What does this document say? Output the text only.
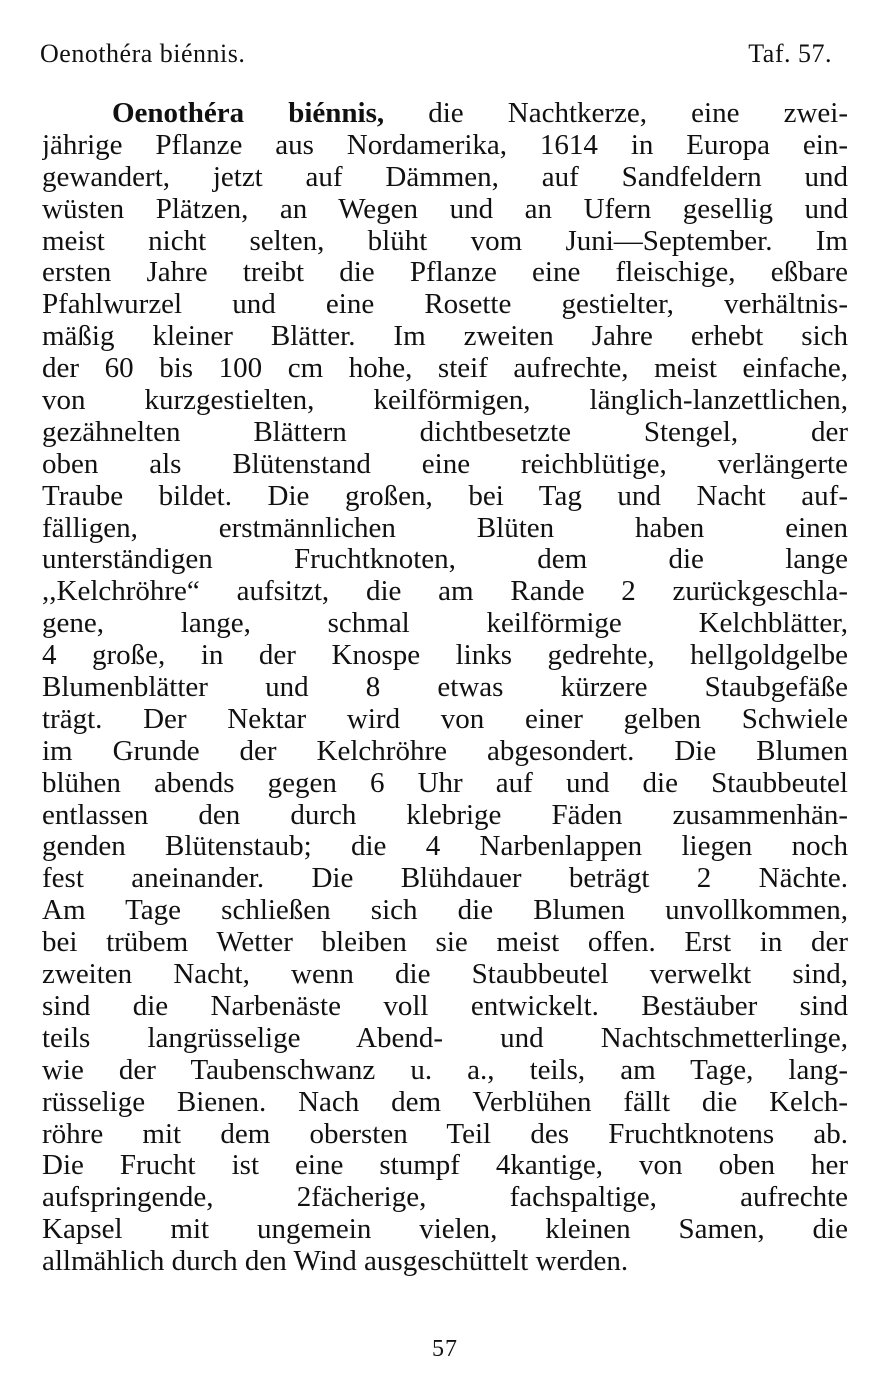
Oenothéra biénnis.	Taf. 57.
Oenothéra biénnis, die Nachtkerze, eine zwei-
jährige Pflanze aus Nordamerika, 1614 in Europa ein-
gewandert, jetzt auf Dämmen, auf Sandfeldern und
wüsten Plätzen, an Wegen und an Ufern gesellig und
meist nicht selten, blüht vom Juni—September. Im
ersten Jahre treibt die Pflanze eine fleischige, eßbare
Pfahlwurzel und eine Rosette gestielter, verhältnis-
mäßig kleiner Blätter. Im zweiten Jahre erhebt sich
der 60 bis 100 cm hohe, steif aufrechte, meist einfache,
von kurzgestielten, keilförmigen, länglich-lanzettlichen,
gezähnelten Blättern dichtbesetzte Stengel, der
oben als Blütenstand eine reichblütige, verlängerte
Traube bildet. Die großen, bei Tag und Nacht auf-
fälligen, erstmännlichen Blüten haben einen
unterständigen Fruchtknoten, dem die lange
,,Kelchröhre“ aufsitzt, die am Rande 2 zurückgeschla-
gene, lange, schmal keilförmige Kelchblätter,
4 große, in der Knospe links gedrehte, hellgoldgelbe
Blumenblätter und 8 etwas kürzere Staubgefäße
trägt. Der Nektar wird von einer gelben Schwiele
im Grunde der Kelchröhre abgesondert. Die Blumen
blühen abends gegen 6 Uhr auf und die Staubbeutel
entlassen den durch klebrige Fäden zusammenhän-
genden Blütenstaub; die 4 Narbenlappen liegen noch
fest aneinander. Die Blühdauer beträgt 2 Nächte.
Am Tage schließen sich die Blumen unvollkommen,
bei trübem Wetter bleiben sie meist offen. Erst in der
zweiten Nacht, wenn die Staubbeutel verwelkt sind,
sind die Narbenäste voll entwickelt. Bestäuber sind
teils langrüsselige Abend- und Nachtschmetterlinge,
wie der Taubenschwanz u. a., teils, am Tage, lang-
rüsselige Bienen. Nach dem Verblühen fällt die Kelch-
röhre mit dem obersten Teil des Fruchtknotens ab.
Die Frucht ist eine stumpf 4kantige, von oben her
aufspringende, 2fächerige, fachspaltige, aufrechte
Kapsel mit ungemein vielen, kleinen Samen, die
allmählich durch den Wind ausgeschüttelt werden.
57
